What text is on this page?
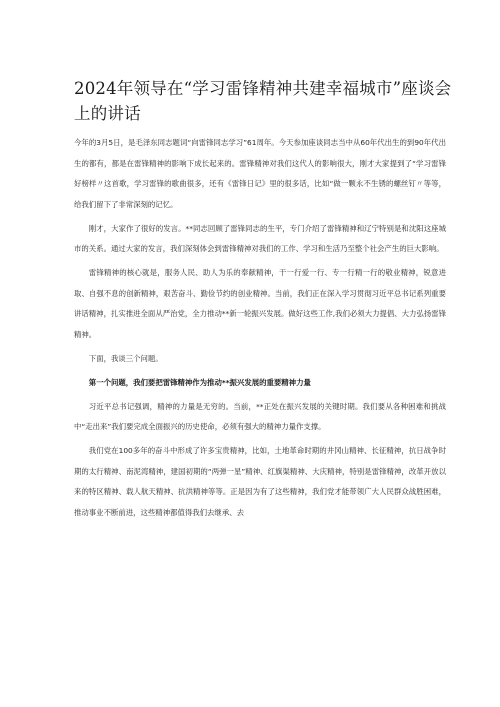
2024年领导在“学习雷锋精神共建幸福城市”座谈会上的讲话

今年的3月5日，是毛泽东同志题词“向雷锋同志学习”61周年。今天参加座谈同志当中从60年代出生的到90年代出生的都有，都是在雷锋精神的影响下成长起来的。雷锋精神对我们这代人的影响很大，刚才大家提到了“学习雷锋好榜样〃这首歌，学习雷锋的歌曲很多，还有《雷锋日记》里的很多话，比如“做一颗永不生锈的螺丝钉〃等等，给我们留下了非常深刻的记忆。

刚才，大家作了很好的发言。**同志回顾了雷锋同志的生平，专门介绍了雷锋精神和辽宁特别是和沈阳这座城市的关系。通过大家的发言，我们深刻体会到雷锋精神对我们的工作、学习和生活乃至整个社会产生的巨大影响。

雷锋精神的核心就是，服务人民、助人为乐的奉献精神，干一行爱一行、专一行精一行的敬业精神，锐意进取、自强不息的创新精神，艰苦奋斗、勤俭节约的创业精神。当前，我们正在深入学习贯彻习近平总书记系列重要讲话精神，扎实推进全面从严治党，全力推动**新一轮振兴发展。做好这些工作,我们必须大力提倡、大力弘扬雷锋精神。

下面，我谈三个问题。

第一个问题，我们要把雷锋精神作为推动**振兴发展的重要精神力量

习近平总书记强调，精神的力量是无穷的。当前，**正处在振兴发展的关键时期。我们要从各种困难和挑战中“走出来”我们要完成全面振兴的历史使命，必须有强大的精神力量作支撑。

我们党在100多年的奋斗中形成了许多宝贵精神，比如，土地革命时期的井冈山精神、长征精神，抗日战争时期的太行精神、南泥湾精神，建国初期的“两弹一星”精神、红旗渠精神、大庆精神，特别是雷锋精神，改革开放以来的特区精神、载人航天精神、抗洪精神等等。正是因为有了这些精神，我们党才能带领广大人民群众战胜困难，推动事业不断前进，这些精神都值得我们去继承、去
